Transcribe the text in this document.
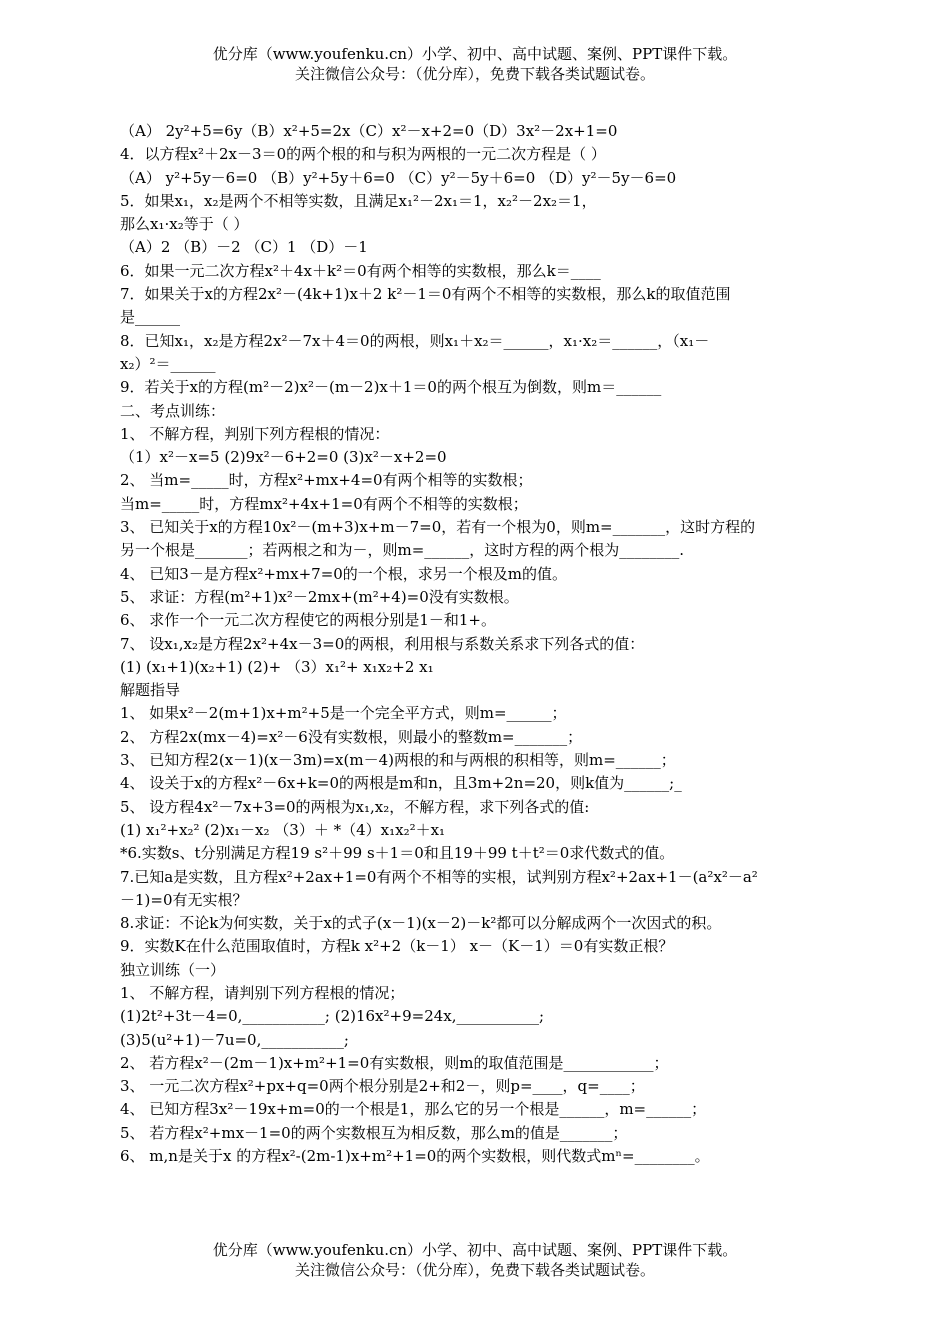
优分库（www.youfenku.cn）小学、初中、高中试题、案例、PPT课件下载。
关注微信公众号：（优分库），免费下载各类试题试卷。
（A） 2y²+5=6y（B）x²+5=2x（C）x²－x+2=0（D）3x²－2x+1=0
4．以方程x²＋2x－3＝0的两个根的和与积为两根的一元二次方程是（ ）
（A） y²+5y－6=0 （B）y²+5y＋6=0 （C）y²－5y＋6=0 （D）y²－5y－6=0
5．如果x₁，x₂是两个不相等实数，且满足x₁²－2x₁＝1，x₂²－2x₂＝1，
那么x₁·x₂等于（ ）
（A）2 （B）－2 （C）1 （D）－1
6．如果一元二次方程x²＋4x＋k²＝0有两个相等的实数根，那么k＝____
7．如果关于x的方程2x²－(4k+1)x＋2 k²－1＝0有两个不相等的实数根，那么k的取值范围
是______
8．已知x₁，x₂是方程2x²－7x＋4＝0的两根，则x₁＋x₂＝______，x₁·x₂＝______，（x₁－
x₂）²＝______
9．若关于x的方程(m²－2)x²－(m－2)x＋1＝0的两个根互为倒数，则m＝______
二、考点训练：
1、 不解方程，判别下列方程根的情况：
（1）x²－x=5 (2)9x²－6+2=0 (3)x²－x+2=0
2、 当m=_____时，方程x²+mx+4=0有两个相等的实数根；
当m=_____时，方程mx²+4x+1=0有两个不相等的实数根；
3、 已知关于x的方程10x²－(m+3)x+m－7=0，若有一个根为0，则m=_______，这时方程的
另一个根是_______；若两根之和为－，则m=______，这时方程的两个根为________.
4、 已知3－是方程x²+mx+7=0的一个根，求另一个根及m的值。
5、 求证：方程(m²+1)x²－2mx+(m²+4)=0没有实数根。
6、 求作一个一元二次方程使它的两根分别是1－和1+。
7、 设x₁,x₂是方程2x²+4x－3=0的两根，利用根与系数关系求下列各式的值：
(1) (x₁+1)(x₂+1) (2)+ （3）x₁²+ x₁x₂+2 x₁
解题指导
1、 如果x²－2(m+1)x+m²+5是一个完全平方式，则m=______；
2、 方程2x(mx－4)=x²－6没有实数根，则最小的整数m=_______；
3、 已知方程2(x－1)(x－3m)=x(m－4)两根的和与两根的积相等，则m=______；
4、 设关于x的方程x²－6x+k=0的两根是m和n，且3m+2n=20，则k值为______;_
5、 设方程4x²－7x+3=0的两根为x₁,x₂，不解方程，求下列各式的值:
(1) x₁²+x₂² (2)x₁－x₂ （3）＋ *（4）x₁x₂²＋x₁
*6.实数s、t分别满足方程19 s²＋99 s＋1＝0和且19＋99 t＋t²＝0求代数式的值。
7.已知a是实数，且方程x²+2ax+1=0有两个不相等的实根，试判别方程x²+2ax+1－(a²x²－a²
－1)=0有无实根？
8.求证：不论k为何实数，关于x的式子(x－1)(x－2)－k²都可以分解成两个一次因式的积。
9．实数K在什么范围取值时，方程k x²+2（k－1） x－（K－1）＝0有实数正根？
独立训练（一）
1、 不解方程，请判别下列方程根的情况；
(1)2t²+3t－4=0,___________; (2)16x²+9=24x,___________;
(3)5(u²+1)－7u=0,___________;
2、 若方程x²－(2m－1)x+m²+1=0有实数根，则m的取值范围是____________；
3、 一元二次方程x²+px+q=0两个根分别是2+和2－，则p=____，q=____；
4、 已知方程3x²－19x+m=0的一个根是1，那么它的另一个根是______，m=______；
5、 若方程x²+mx－1=0的两个实数根互为相反数，那么m的值是_______；
6、 m,n是关于x 的方程x²-(2m-1)x+m²+1=0的两个实数根，则代数式mⁿ=________。
优分库（www.youfenku.cn）小学、初中、高中试题、案例、PPT课件下载。
关注微信公众号：（优分库），免费下载各类试题试卷。
